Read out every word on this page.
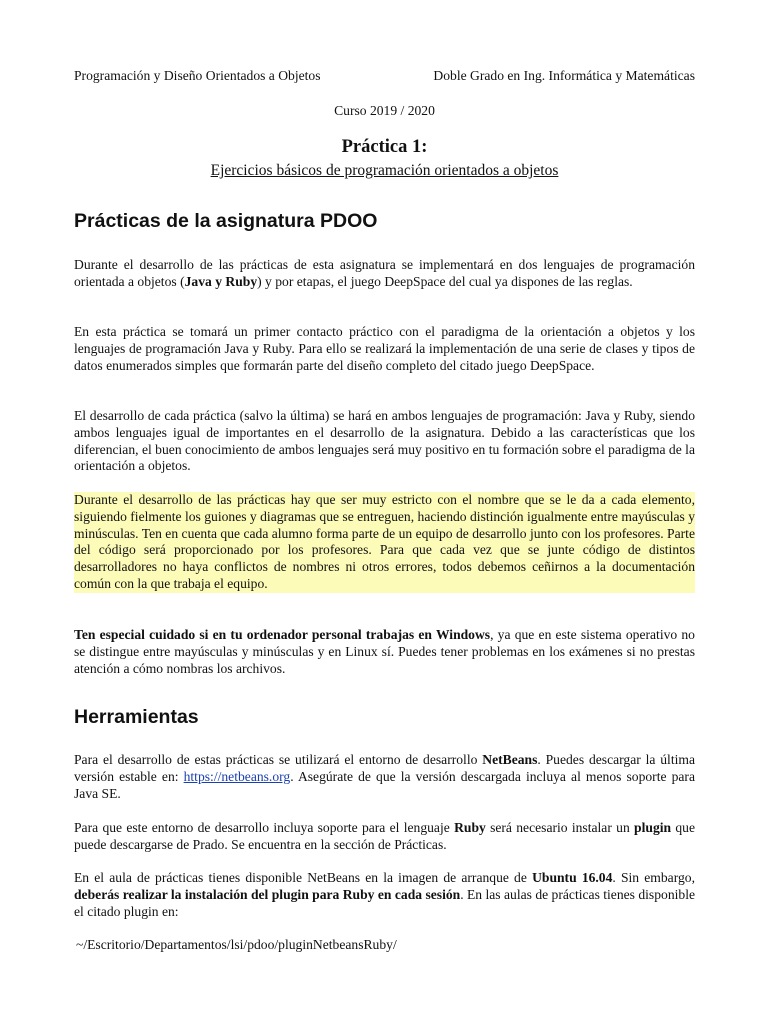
Programación y Diseño Orientados a Objetos	Doble Grado en Ing. Informática y Matemáticas
Curso 2019 / 2020
Práctica 1:
Ejercicios básicos de programación orientados a objetos
Prácticas de la asignatura PDOO

Durante el desarrollo de las prácticas de esta asignatura se implementará en dos lenguajes de programación orientada a objetos (Java y Ruby) y por etapas, el juego DeepSpace del cual ya dispones de las reglas.

En esta práctica se tomará un primer contacto práctico con el paradigma de la orientación a objetos y los lenguajes de programación Java y Ruby. Para ello se realizará la implementación de una serie de clases y tipos de datos enumerados simples que formarán parte del diseño completo del citado juego DeepSpace.

El desarrollo de cada práctica (salvo la última) se hará en ambos lenguajes de programación: Java y Ruby, siendo ambos lenguajes igual de importantes en el desarrollo de la asignatura. Debido a las características que los diferencian, el buen conocimiento de ambos lenguajes será muy positivo en tu formación sobre el paradigma de la orientación a objetos.

Durante el desarrollo de las prácticas hay que ser muy estricto con el nombre que se le da a cada elemento, siguiendo fielmente los guiones y diagramas que se entreguen, haciendo distinción igualmente entre mayúsculas y minúsculas. Ten en cuenta que cada alumno forma parte de un equipo de desarrollo junto con los profesores. Parte del código será proporcionado por los profesores. Para que cada vez que se junte código de distintos desarrolladores no haya conflictos de nombres ni otros errores, todos debemos ceñirnos a la documentación común con la que trabaja el equipo.

Ten especial cuidado si en tu ordenador personal trabajas en Windows, ya que en este sistema operativo no se distingue entre mayúsculas y minúsculas y en Linux sí. Puedes tener problemas en los exámenes si no prestas atención a cómo nombras los archivos.

Herramientas

Para el desarrollo de estas prácticas se utilizará el entorno de desarrollo NetBeans. Puedes descargar la última versión estable en: https://netbeans.org. Asegúrate de que la versión descargada incluya al menos soporte para Java SE.

Para que este entorno de desarrollo incluya soporte para el lenguaje Ruby será necesario instalar un plugin que puede descargarse de Prado. Se encuentra en la sección de Prácticas.

En el aula de prácticas tienes disponible NetBeans en la imagen de arranque de Ubuntu 16.04. Sin embargo, deberás realizar la instalación del plugin para Ruby en cada sesión. En las aulas de prácticas tienes disponible el citado plugin en:

~/Escritorio/Departamentos/lsi/pdoo/pluginNetbeansRuby/
